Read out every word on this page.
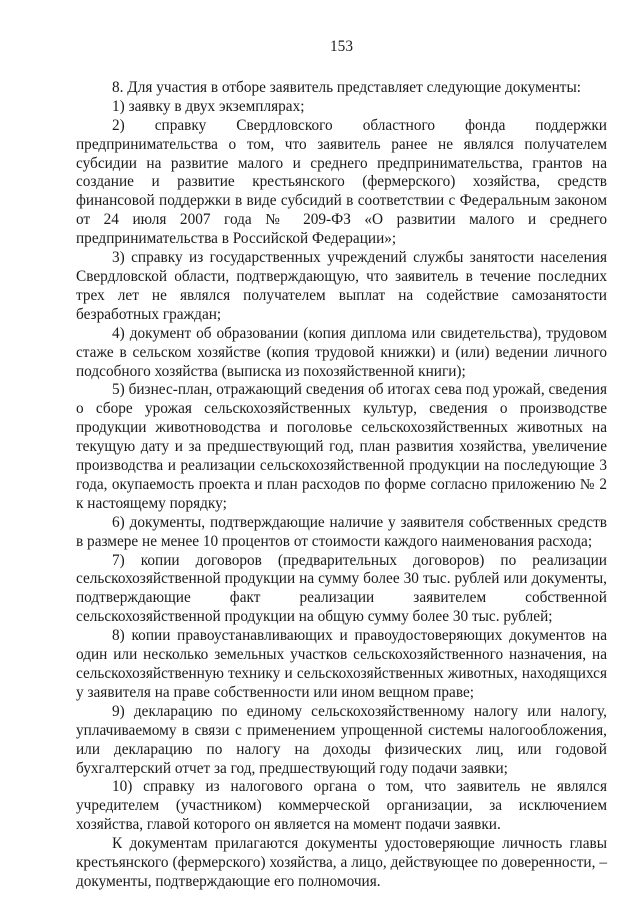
153

8. Для участия в отборе заявитель представляет следующие документы:

1) заявку в двух экземплярах;

2) справку Свердловского областного фонда поддержки предпринимательства о том, что заявитель ранее не являлся получателем субсидии на развитие малого и среднего предпринимательства, грантов на создание и развитие крестьянского (фермерского) хозяйства, средств финансовой поддержки в виде субсидий в соответствии с Федеральным законом от 24 июля 2007 года № 209-ФЗ «О развитии малого и среднего предпринимательства в Российской Федерации»;

3) справку из государственных учреждений службы занятости населения Свердловской области, подтверждающую, что заявитель в течение последних трех лет не являлся получателем выплат на содействие самозанятости безработных граждан;

4) документ об образовании (копия диплома или свидетельства), трудовом стаже в сельском хозяйстве (копия трудовой книжки) и (или) ведении личного подсобного хозяйства (выписка из похозяйственной книги);

5) бизнес-план, отражающий сведения об итогах сева под урожай, сведения о сборе урожая сельскохозяйственных культур, сведения о производстве продукции животноводства и поголовье сельскохозяйственных животных на текущую дату и за предшествующий год, план развития хозяйства, увеличение производства и реализации сельскохозяйственной продукции на последующие 3 года, окупаемость проекта и план расходов по форме согласно приложению № 2 к настоящему порядку;

6) документы, подтверждающие наличие у заявителя собственных средств в размере не менее 10 процентов от стоимости каждого наименования расхода;

7) копии договоров (предварительных договоров) по реализации сельскохозяйственной продукции на сумму более 30 тыс. рублей или документы, подтверждающие факт реализации заявителем собственной сельскохозяйственной продукции на общую сумму более 30 тыс. рублей;

8) копии правоустанавливающих и правоудостоверяющих документов на один или несколько земельных участков сельскохозяйственного назначения, на сельскохозяйственную технику и сельскохозяйственных животных, находящихся у заявителя на праве собственности или ином вещном праве;

9) декларацию по единому сельскохозяйственному налогу или налогу, уплачиваемому в связи с применением упрощенной системы налогообложения, или декларацию по налогу на доходы физических лиц, или годовой бухгалтерский отчет за год, предшествующий году подачи заявки;

10) справку из налогового органа о том, что заявитель не являлся учредителем (участником) коммерческой организации, за исключением хозяйства, главой которого он является на момент подачи заявки.

К документам прилагаются документы удостоверяющие личность главы крестьянского (фермерского) хозяйства, а лицо, действующее по доверенности, – документы, подтверждающие его полномочия.
